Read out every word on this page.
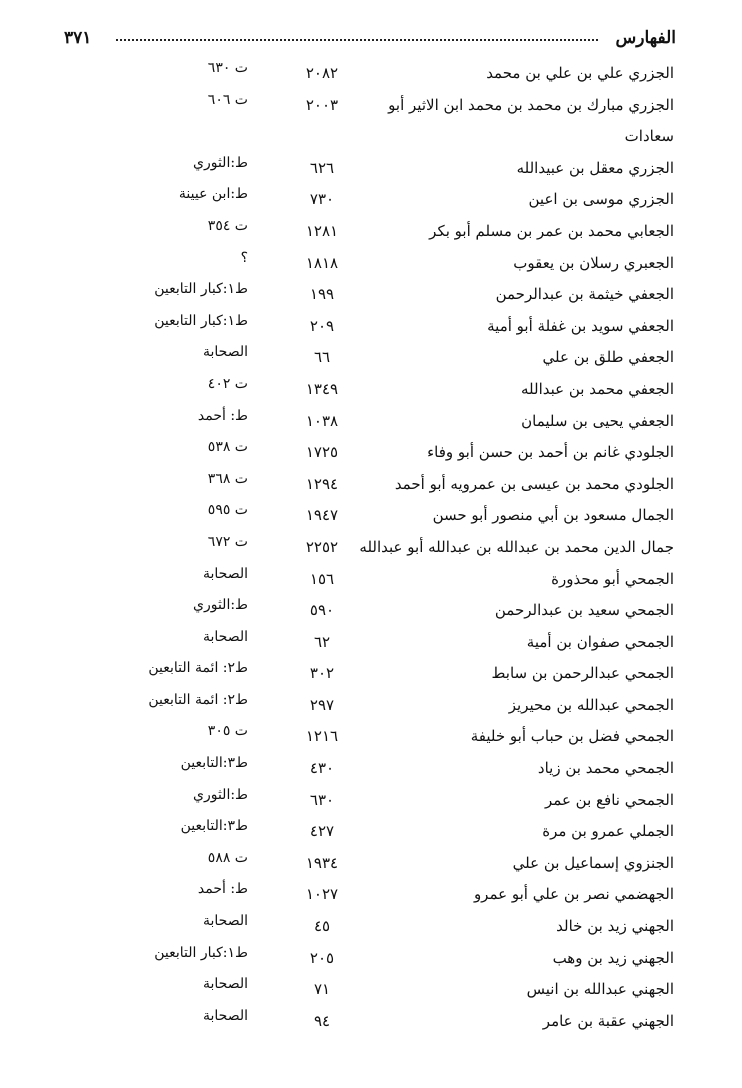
الفهارس
٣٧١
الجزري علي بن علي بن محمد
٢٠٨٢
ت ٦٣٠
الجزري مبارك بن محمد بن محمد ابن الاثير أبو
٢٠٠٣
ت ٦٠٦
سعادات
الجزري معقل بن عبيدالله
٦٢٦
ط:الثوري
الجزري موسى بن اعين
٧٣٠
ط:ابن عيينة
الجعابي محمد بن عمر بن مسلم أبو بكر
١٢٨١
ت ٣٥٤
الجعبري رسلان بن يعقوب
١٨١٨
؟
الجعفي خيثمة بن عبدالرحمن
١٩٩
ط١:كبار التابعين
الجعفي سويد بن غفلة أبو أمية
٢٠٩
ط١:كبار التابعين
الجعفي طلق بن علي
٦٦
الصحابة
الجعفي محمد بن عبدالله
١٣٤٩
ت ٤٠٢
الجعفي يحيى بن سليمان
١٠٣٨
ط: أحمد
الجلودي غانم بن أحمد بن حسن أبو وفاء
١٧٢٥
ت ٥٣٨
الجلودي محمد بن عيسى بن عمرويه أبو أحمد
١٢٩٤
ت ٣٦٨
الجمال مسعود بن أبي منصور أبو حسن
١٩٤٧
ت ٥٩٥
جمال الدين محمد بن عبدالله بن عبدالله أبو عبدالله
٢٢٥٢
ت ٦٧٢
الجمحي أبو محذورة
١٥٦
الصحابة
الجمحي سعيد بن عبدالرحمن
٥٩٠
ط:الثوري
الجمحي صفوان بن أمية
٦٢
الصحابة
الجمحي عبدالرحمن بن سابط
٣٠٢
ط٢: ائمة التابعين
الجمحي عبدالله بن محيريز
٢٩٧
ط٢: ائمة التابعين
الجمحي فضل بن حباب أبو خليفة
١٢١٦
ت ٣٠٥
الجمحي محمد بن زياد
٤٣٠
ط٣:التابعين
الجمحي نافع بن عمر
٦٣٠
ط:الثوري
الجملي عمرو بن مرة
٤٢٧
ط٣:التابعين
الجنزوي إسماعيل بن علي
١٩٣٤
ت ٥٨٨
الجهضمي نصر بن علي أبو عمرو
١٠٢٧
ط: أحمد
الجهني زيد بن خالد
٤٥
الصحابة
الجهني زيد بن وهب
٢٠٥
ط١:كبار التابعين
الجهني عبدالله بن انيس
٧١
الصحابة
الجهني عقبة بن عامر
٩٤
الصحابة
